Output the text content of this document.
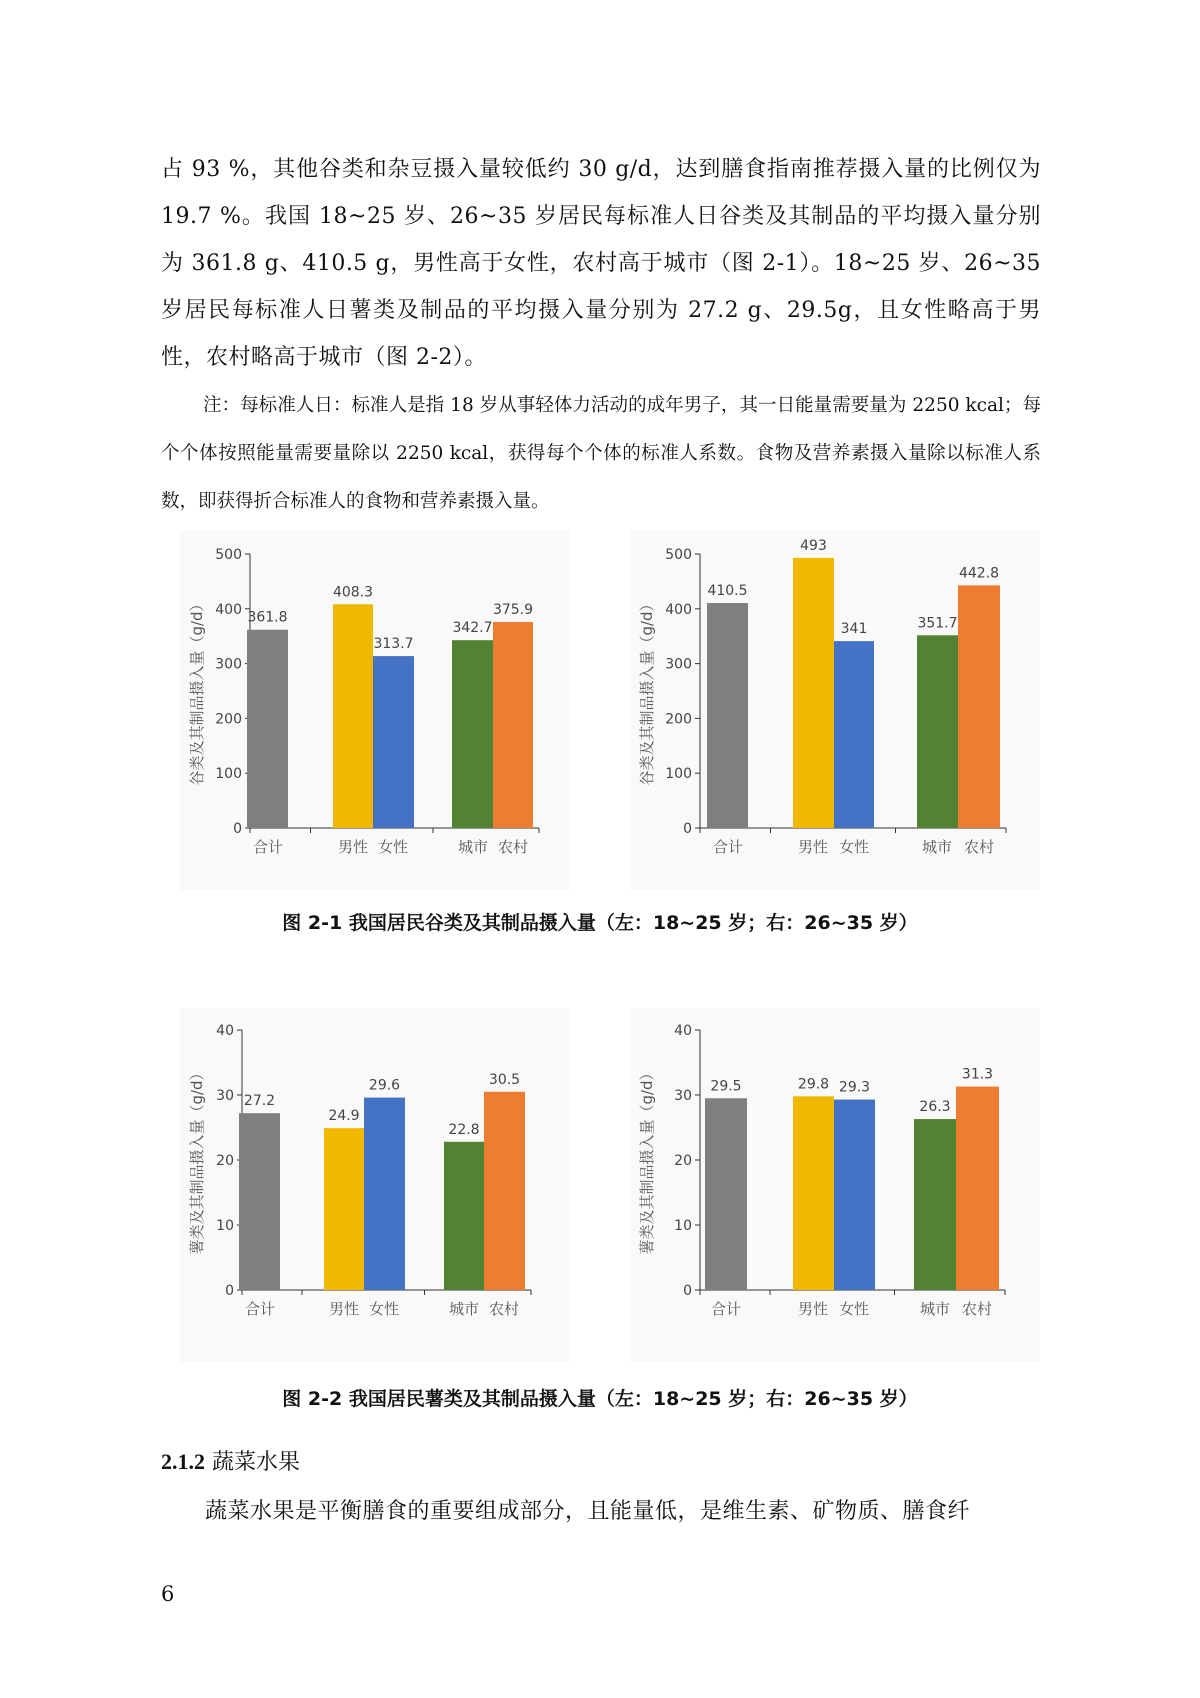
占 93 %，其他谷类和杂豆摄入量较低约 30 g/d，达到膳食指南推荐摄入量的比例仅为 19.7 %。我国 18~25 岁、26~35 岁居民每标准人日谷类及其制品的平均摄入量分别为 361.8 g、410.5 g，男性高于女性，农村高于城市（图 2-1）。18~25 岁、26~35 岁居民每标准人日薯类及制品的平均摄入量分别为 27.2 g、29.5g，且女性略高于男性，农村略高于城市（图 2-2）。

注：每标准人日：标准人是指 18 岁从事轻体力活动的成年男子，其一日能量需要量为 2250 kcal；每个个体按照能量需要量除以 2250 kcal，获得每个个体的标准人系数。食物及营养素摄入量除以标准人系数，即获得折合标准人的食物和营养素摄入量。

0
100
200
300
400
500
谷类及其制品摄入量（g/d）	361.8
合计
408.3
男性
313.7
女性
342.7
城市
375.9
农村
0
100
200
300
400
500
谷类及其制品摄入量（g/d）
410.5
合计
493
男性
341
女性
351.7
城市
442.8
农村
图 2-1 我国居民谷类及其制品摄入量（左：18~25 岁；右：26~35 岁）
0
10
20
30
40
薯类及其制品摄入量（g/d）	27.2
合计
24.9
男性
29.6
女性
22.8
城市
30.5
农村
0
10
20
30
40
薯类及其制品摄入量（g/d）	29.5
合计
29.8
男性
29.3
女性
26.3
城市
31.3
农村
图 2-2 我国居民薯类及其制品摄入量（左：18~25 岁；右：26~35 岁）
2.1.2 蔬菜水果

蔬菜水果是平衡膳食的重要组成部分，且能量低，是维生素、矿物质、膳食纤

6
